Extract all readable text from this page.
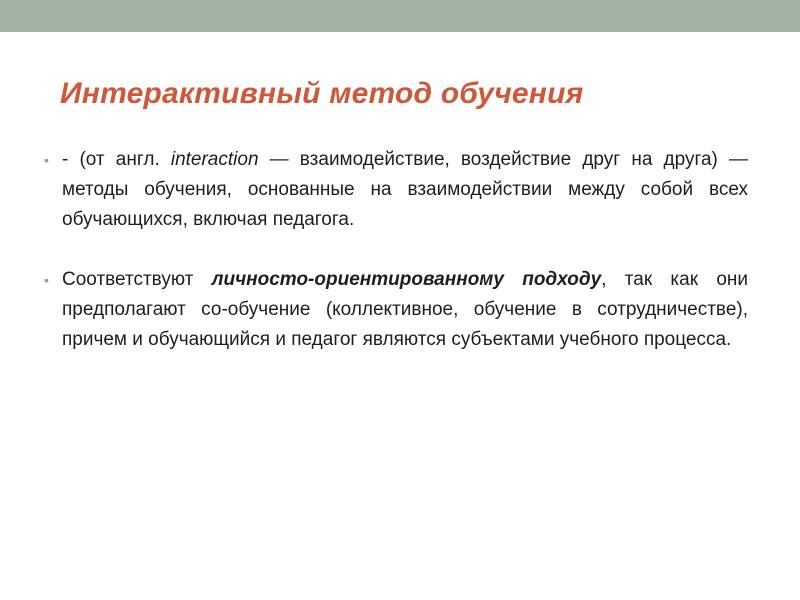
Интерактивный метод обучения
• - (от англ. interaction — взаимодействие, воздействие друг на друга) — методы обучения, основанные на взаимодействии между собой всех обучающихся, включая педагога.
• Соответствуют личносто-ориентированному подходу, так как они предполагают со-обучение (коллективное, обучение в сотрудничестве), причем и обучающийся и педагог являются субъектами учебного процесса.
